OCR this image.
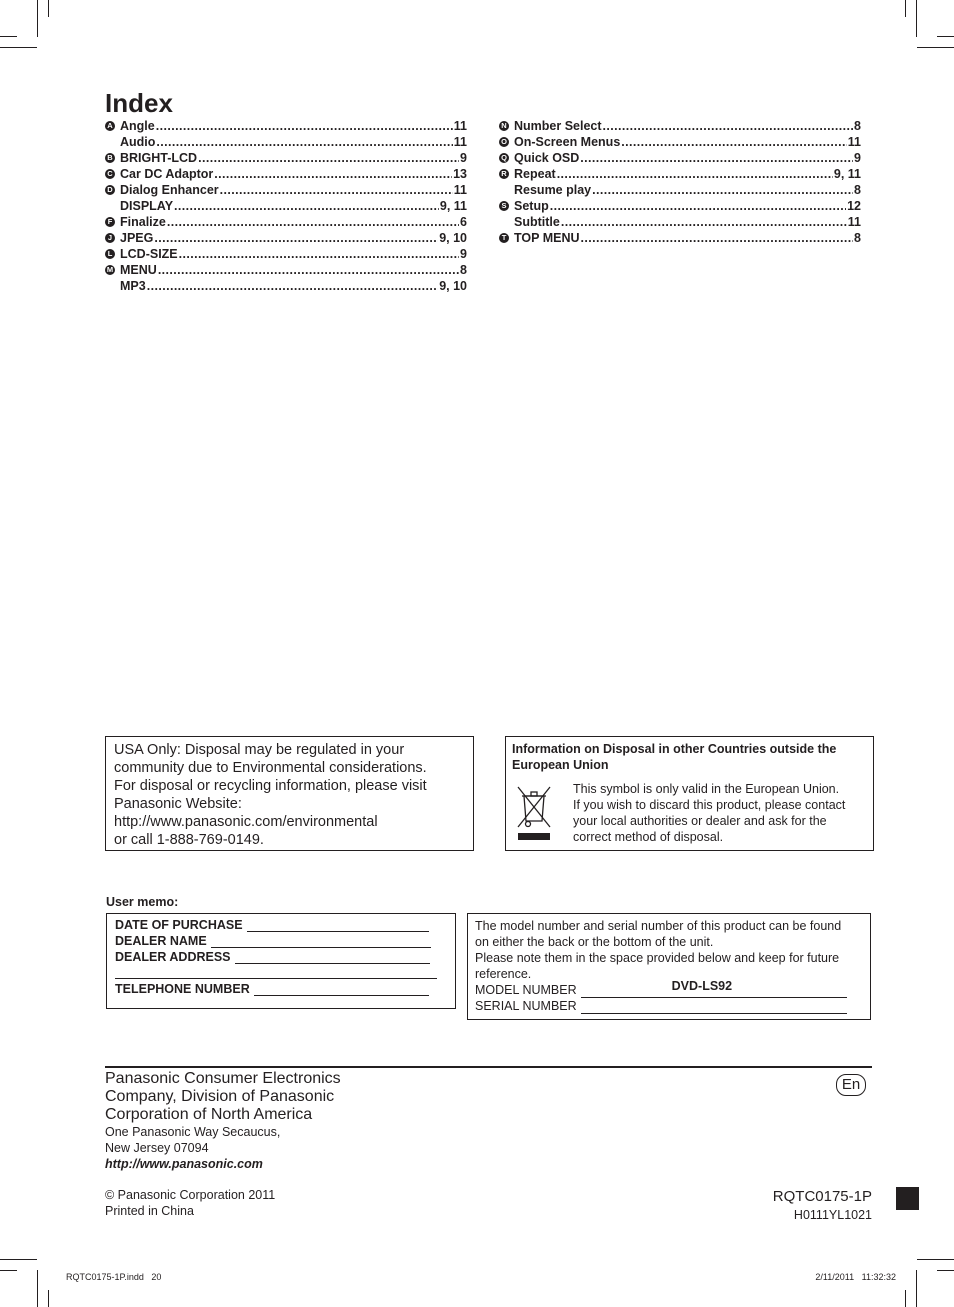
Index
A Angle .....	11
Audio .....	11
B BRIGHT-LCD .....	9
C Car DC Adaptor .....	13
D Dialog Enhancer .....	11
DISPLAY .....	9, 11
F Finalize .....	6
J JPEG .....	9, 10
L LCD-SIZE .....	9
M MENU .....	8
MP3 .....	9, 10
N Number Select .....	8
O On-Screen Menus .....	11
Q Quick OSD .....	9
R Repeat .....	9, 11
Resume play .....	8
S Setup .....	12
Subtitle .....	11
T TOP MENU .....	8
USA Only: Disposal may be regulated in your
community due to Environmental considerations.
For disposal or recycling information, please visit
Panasonic Website:
http://www.panasonic.com/environmental
or call 1-888-769-0149.
Information on Disposal in other Countries outside the
European Union
This symbol is only valid in the European Union.
If you wish to discard this product, please contact
your local authorities or dealer and ask for the
correct method of disposal.
User memo:
DATE OF PURCHASE
DEALER NAME
DEALER ADDRESS
TELEPHONE NUMBER
The model number and serial number of this product can be found
on either the back or the bottom of the unit.
Please note them in the space provided below and keep for future
reference.
MODEL NUMBER	DVD-LS92
SERIAL NUMBER
Panasonic Consumer Electronics
Company, Division of Panasonic
Corporation of North America
One Panasonic Way Secaucus,
New Jersey 07094
http://www.panasonic.com
© Panasonic Corporation 2011
Printed in China
En
RQTC0175-1P
H0111YL1021
RQTC0175-1P.indd   20	2/11/2011   11:32:32
